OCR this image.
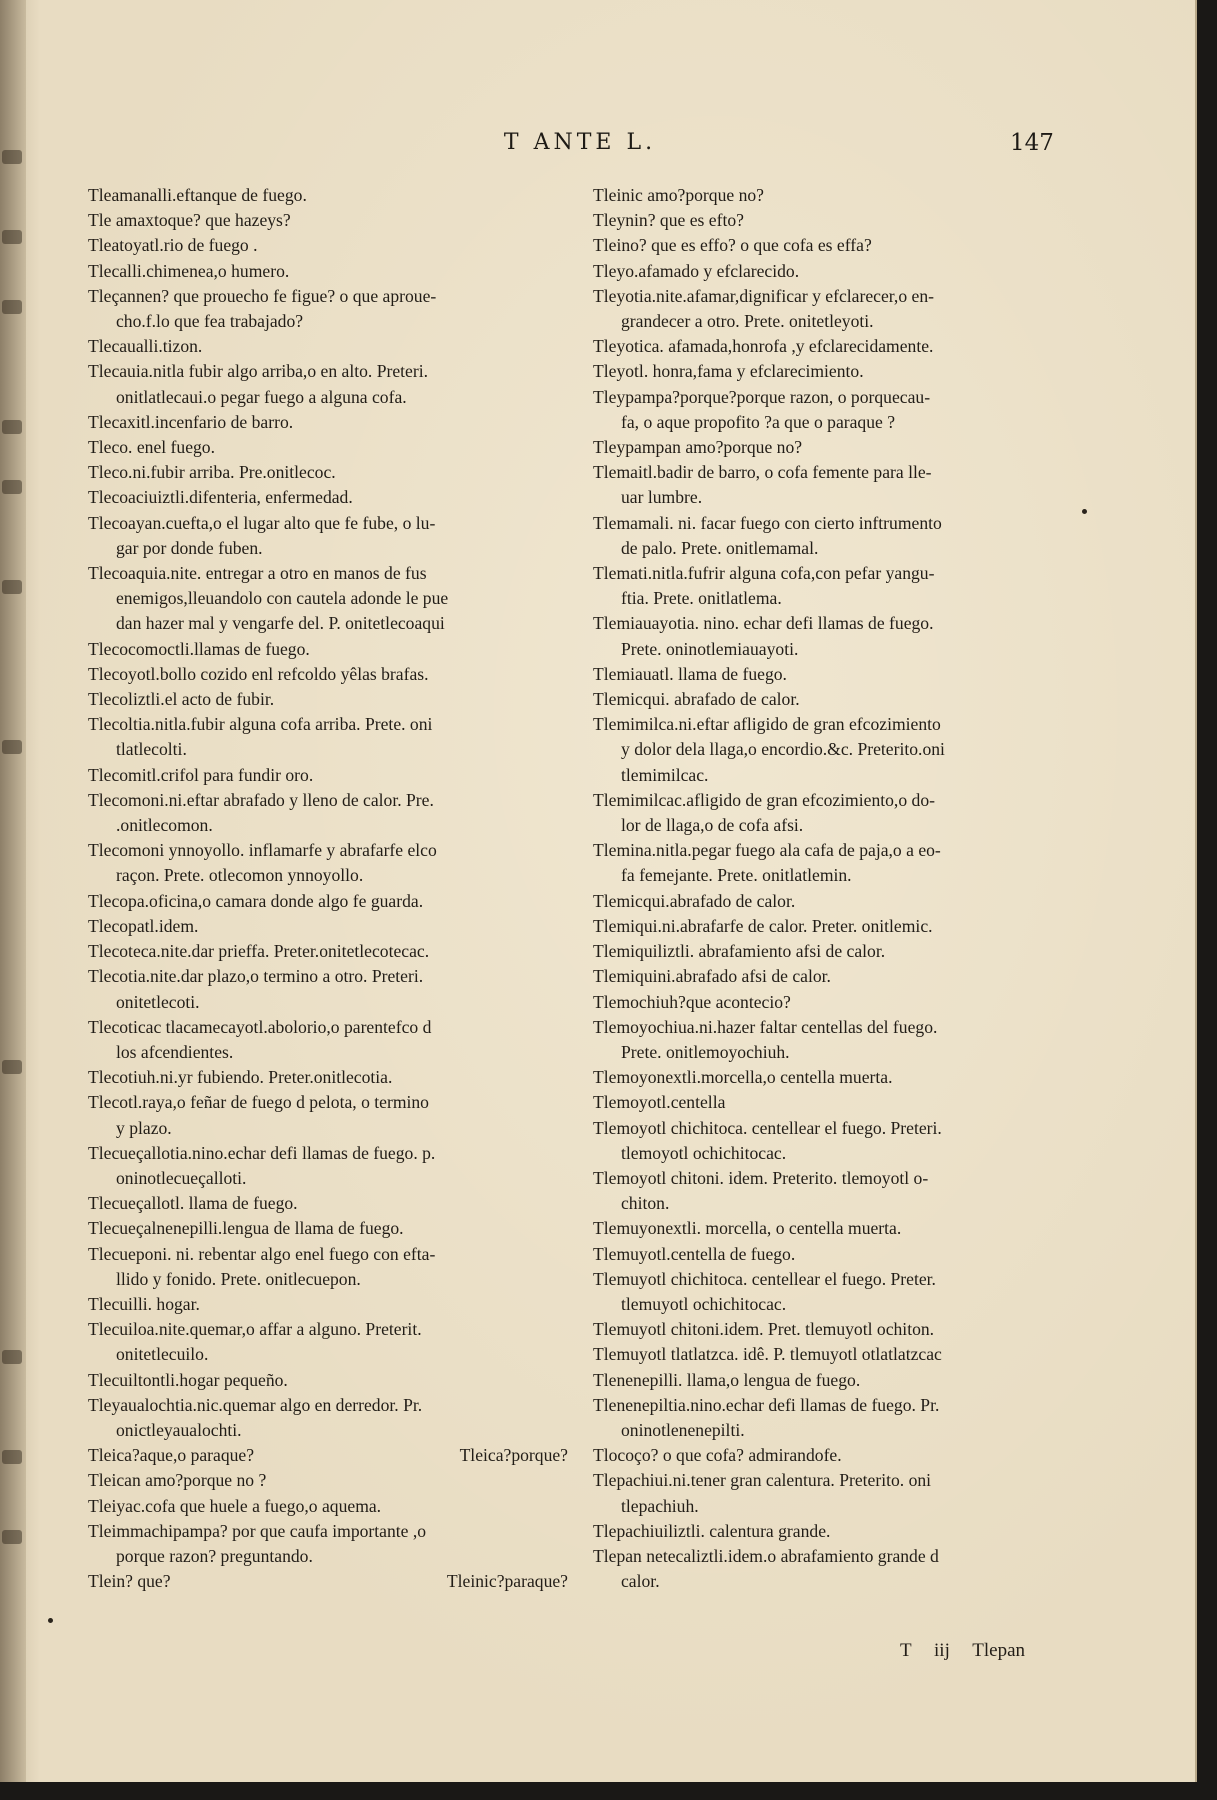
T ANTE L.	147
Tleamanalli.eftanque de fuego.
Tle amaxtoque? que hazeys?
Tleatoyatl.rio de fuego .
Tlecalli.chimenea,o humero.
Tleçannen? que prouecho fe figue? o que aproue-
cho.f.lo que fea trabajado?
Tlecaualli.tizon.
Tlecauia.nitla fubir algo arriba,o en alto. Preteri.
onitlatlecaui.o pegar fuego a alguna cofa.
Tlecaxitl.incenfario de barro.
Tleco. enel fuego.
Tleco.ni.fubir arriba. Pre.onitlecoc.
Tlecoaciuiztli.difenteria, enfermedad.
Tlecoayan.cuefta,o el lugar alto que fe fube, o lu-
gar por donde fuben.
Tlecoaquia.nite. entregar a otro en manos de fus
enemigos,lleuandolo con cautela adonde le pue
dan hazer mal y vengarfe del. P. onitetlecoaqui
Tlecocomoctli.llamas de fuego.
Tlecoyotl.bollo cozido enl refcoldo yêlas brafas.
Tlecoliztli.el acto de fubir.
Tlecoltia.nitla.fubir alguna cofa arriba. Prete. oni
tlatlecolti.
Tlecomitl.crifol para fundir oro.
Tlecomoni.ni.eftar abrafado y lleno de calor. Pre.
.onitlecomon.
Tlecomoni ynnoyollo. inflamarfe y abrafarfe elco
raçon. Prete. otlecomon ynnoyollo.
Tlecopa.oficina,o camara donde algo fe guarda.
Tlecopatl.idem.
Tlecoteca.nite.dar prieffa. Preter.onitetlecotecac.
Tlecotia.nite.dar plazo,o termino a otro. Preteri.
onitetlecoti.
Tlecoticac tlacamecayotl.abolorio,o parentefco d
los afcendientes.
Tlecotiuh.ni.yr fubiendo. Preter.onitlecotia.
Tlecotl.raya,o feñar de fuego d pelota, o termino
y plazo.
Tlecueçallotia.nino.echar defi llamas de fuego. p.
oninotlecueçalloti.
Tlecueçallotl. llama de fuego.
Tlecueçalnenepilli.lengua de llama de fuego.
Tlecueponi. ni. rebentar algo enel fuego con efta-
llido y fonido. Prete. onitlecuepon.
Tlecuilli. hogar.
Tlecuiloa.nite.quemar,o affar a alguno. Preterit.
onitetlecuilo.
Tlecuiltontli.hogar pequeño.
Tleyaualochtia.nic.quemar algo en derredor. Pr.
onictleyaualochti.
Tleica?aque,o paraque?	Tleica?porque?
Tleican amo?porque no ?
Tleiyac.cofa que huele a fuego,o aquema.
Tleimmachipampa? por que caufa importante ,o
porque razon? preguntando.
Tlein? que?	Tleinic?paraque?
Tleinic amo?porque no?
Tleynin? que es efto?
Tleino? que es effo? o que cofa es effa?
Tleyo.afamado y efclarecido.
Tleyotia.nite.afamar,dignificar y efclarecer,o en-
grandecer a otro. Prete. onitetleyoti.
Tleyotica. afamada,honrofa ,y efclarecidamente.
Tleyotl. honra,fama y efclarecimiento.
Tleypampa?porque?porque razon, o porquecau-
fa, o aque propofito ?a que o paraque ?
Tleypampan amo?porque no?
Tlemaitl.badir de barro, o cofa femente para lle-
uar lumbre.
Tlemamali. ni. facar fuego con cierto inftrumento
de palo. Prete. onitlemamal.
Tlemati.nitla.fufrir alguna cofa,con pefar yangu-
ftia. Prete. onitlatlema.
Tlemiauayotia. nino. echar defi llamas de fuego.
Prete. oninotlemiauayoti.
Tlemiauatl. llama de fuego.
Tlemicqui. abrafado de calor.
Tlemimilca.ni.eftar afligido de gran efcozimiento
y dolor dela llaga,o encordio.&c. Preterito.oni
tlemimilcac.
Tlemimilcac.afligido de gran efcozimiento,o do-
lor de llaga,o de cofa afsi.
Tlemina.nitla.pegar fuego ala cafa de paja,o a eo-
fa femejante. Prete. onitlatlemin.
Tlemicqui.abrafado de calor.
Tlemiqui.ni.abrafarfe de calor. Preter. onitlemic.
Tlemiquiliztli. abrafamiento afsi de calor.
Tlemiquini.abrafado afsi de calor.
Tlemochiuh?que acontecio?
Tlemoyochiua.ni.hazer faltar centellas del fuego.
Prete. onitlemoyochiuh.
Tlemoyonextli.morcella,o centella muerta.
Tlemoyotl.centella
Tlemoyotl chichitoca. centellear el fuego. Preteri.
tlemoyotl ochichitocac.
Tlemoyotl chitoni. idem. Preterito. tlemoyotl o-
chiton.
Tlemuyonextli. morcella, o centella muerta.
Tlemuyotl.centella de fuego.
Tlemuyotl chichitoca. centellear el fuego. Preter.
tlemuyotl ochichitocac.
Tlemuyotl chitoni.idem. Pret. tlemuyotl ochiton.
Tlemuyotl tlatlatzca. idê. P. tlemuyotl otlatlatzcac
Tlenenepilli. llama,o lengua de fuego.
Tlenenepiltia.nino.echar defi llamas de fuego. Pr.
oninotlenenepilti.
Tlocoço? o que cofa? admirandofe.
Tlepachiui.ni.tener gran calentura. Preterito. oni
tlepachiuh.
Tlepachiuiliztli. calentura grande.
Tlepan netecaliztli.idem.o abrafamiento grande d
calor.
T iij Tlepan
